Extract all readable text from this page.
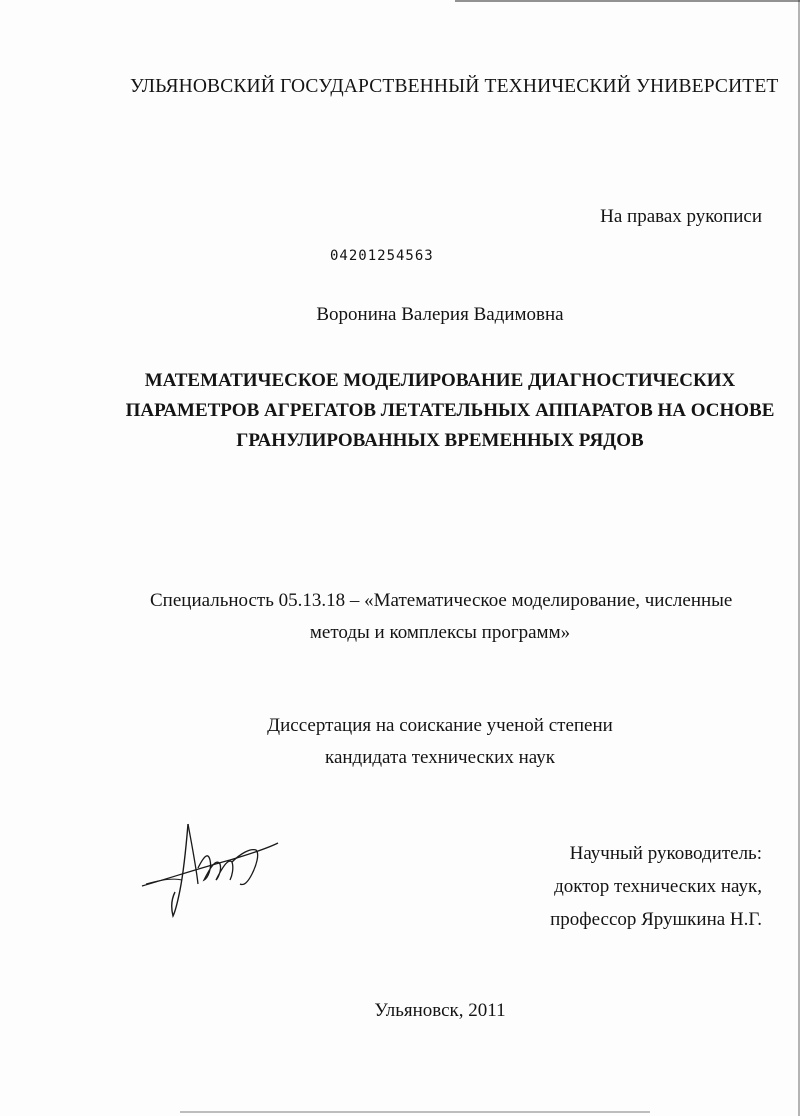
УЛЬЯНОВСКИЙ ГОСУДАРСТВЕННЫЙ ТЕХНИЧЕСКИЙ УНИВЕРСИТЕТ
На правах рукописи
04201254563
Воронина Валерия Вадимовна
МАТЕМАТИЧЕСКОЕ МОДЕЛИРОВАНИЕ ДИАГНОСТИЧЕСКИХ
ПАРАМЕТРОВ АГРЕГАТОВ ЛЕТАТЕЛЬНЫХ АППАРАТОВ НА ОСНОВЕ
ГРАНУЛИРОВАННЫХ ВРЕМЕННЫХ РЯДОВ
Специальность 05.13.18 – «Математическое моделирование, численные
методы и комплексы программ»
Диссертация на соискание ученой степени
кандидата технических наук
Научный руководитель:
доктор технических наук,
профессор Ярушкина Н.Г.
Ульяновск, 2011
